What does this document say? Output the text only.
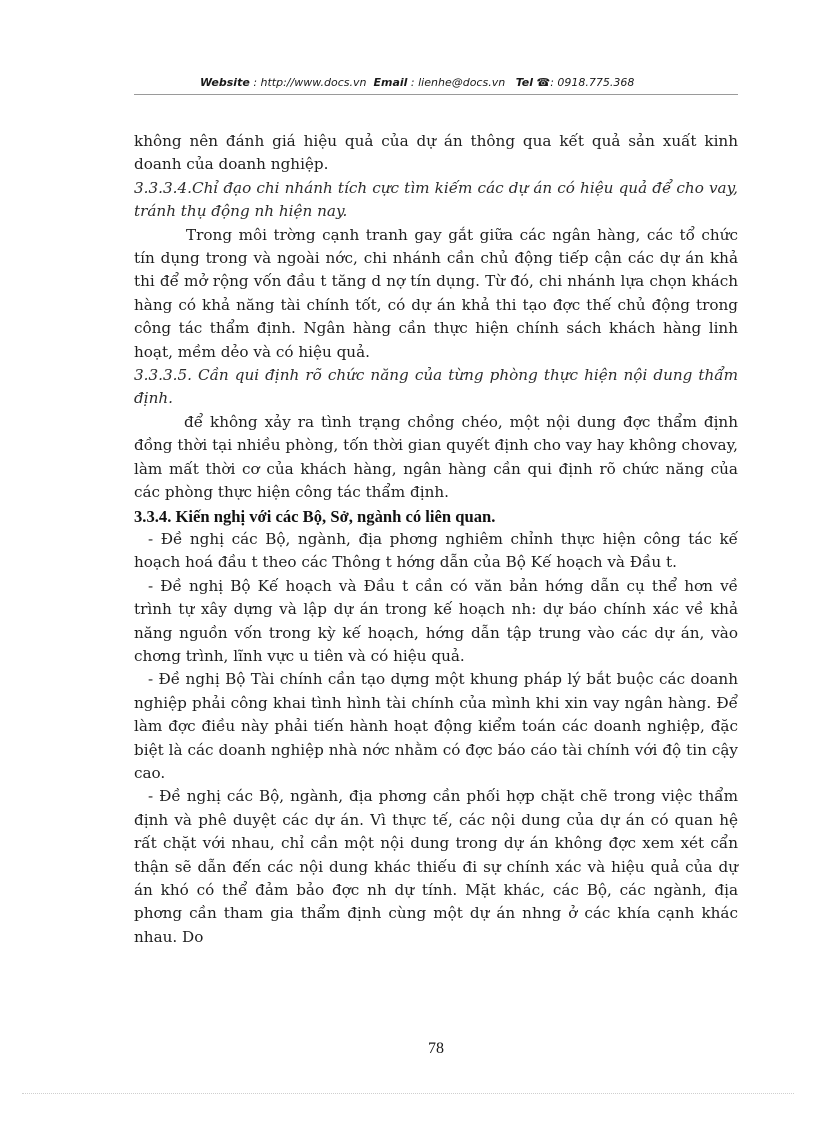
Website : http://www.docs.vn Email : lienhe@docs.vn Tel ☎: 0918.775.368

không nên đánh giá hiệu quả của dự án thông qua kết quả sản xuất kinh doanh của doanh nghiệp.

3.3.3.4.Chỉ đạo chi nhánh tích cực tìm kiếm các dự án có hiệu quả để cho vay, tránh thụ động nh hiện nay.

Trong môi trờng cạnh tranh gay gắt giữa các ngân hàng, các tổ chức tín dụng trong và ngoài nớc, chi nhánh cần chủ động tiếp cận các dự án khả thi để mở rộng vốn đầu t tăng d nợ tín dụng. Từ đó, chi nhánh lựa chọn khách hàng có khả năng tài chính tốt, có dự án khả thi tạo đợc thế chủ động trong công tác thẩm định. Ngân hàng cần thực hiện chính sách khách hàng linh hoạt, mềm dẻo và có hiệu quả.

3.3.3.5. Cần qui định rõ chức năng của từng phòng thực hiện nội dung thẩm định.

để không xảy ra tình trạng chồng chéo, một nội dung đợc thẩm định đồng thời tại nhiều phòng, tốn thời gian quyết định cho vay hay không chovay, làm mất thời cơ của khách hàng, ngân hàng cần qui định rõ chức năng của các phòng thực hiện công tác thẩm định.

3.3.4. Kiến nghị với các Bộ, Sở, ngành có liên quan.

- Đề nghị các Bộ, ngành, địa phơng nghiêm chỉnh thực hiện công tác kế hoạch hoá đầu t theo các Thông t hớng dẫn của Bộ Kế hoạch và Đầu t.

- Đề nghị Bộ Kế hoạch và Đầu t cần có văn bản hớng dẫn cụ thể hơn về trình tự xây dựng và lập dự án trong kế hoạch nh: dự báo chính xác về khả năng nguồn vốn trong kỳ kế hoạch, hớng dẫn tập trung vào các dự án, vào chơng trình, lĩnh vực u tiên và có hiệu quả.

- Đề nghị Bộ Tài chính cần tạo dựng một khung pháp lý bắt buộc các doanh nghiệp phải công khai tình hình tài chính của mình khi xin vay ngân hàng. Để làm đợc điều này phải tiến hành hoạt động kiểm toán các doanh nghiệp, đặc biệt là các doanh nghiệp nhà nớc nhằm có đợc báo cáo tài chính với độ tin cậy cao.

- Đề nghị các Bộ, ngành, địa phơng cần phối hợp chặt chẽ trong việc thẩm định và phê duyệt các dự án. Vì thực tế, các nội dung của dự án có quan hệ rất chặt với nhau, chỉ cần một nội dung trong dự án không đợc xem xét cẩn thận sẽ dẫn đến các nội dung khác thiếu đi sự chính xác và hiệu quả của dự án khó có thể đảm bảo đợc nh dự tính. Mặt khác, các Bộ, các ngành, địa phơng cần tham gia thẩm định cùng một dự án nhng ở các khía cạnh khác nhau. Do

78
